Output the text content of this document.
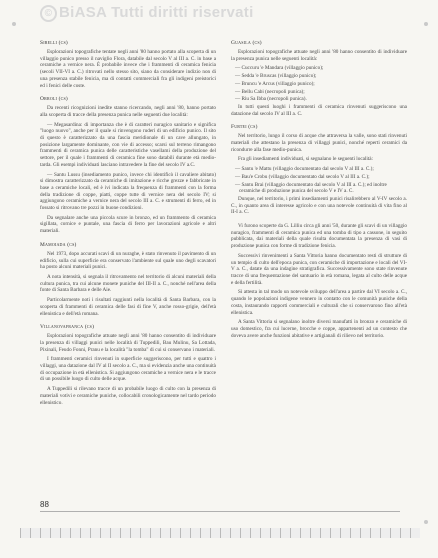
© BiASA Tutti diritti riservati
Sirelli (cs)

Esplorazioni topografiche tentate negli anni '80 hanno portato alla scoperta di un villaggio punico presso il naviglio Flora, databile dal secolo V al III a. C. in base a ceramiche a vernice nera. È probabile invece che i frammenti di ceramica fenicia (secoli VII-VI a. C.) ritrovati nello stesso sito, siano da considerare indizio non di una presenza stabile fenicia, ma di contatti commerciali fra gli indigeni preistorici ed i fenici delle coste.

Orroli (cs)

Da recenti ricognizioni inedite stanno ricercando, negli anni '80, hanno portato alla scoperta di tracce della presenza punica nelle seguenti due località:

— Megasardina: di importanza che è di caratteri nuragico sanitario e significa "luogo nuovo", anche per il quale si rinvengono ruderi di un edificio punico. Il sito di questo è caratterizzato da una fascia meridionale di un cave allungato, in posizione largamente dominante, con vie di accesso; scarsi sul terreno rimangono frammenti di ceramica punica delle caratteristiche vasellami della produzione del settore, per il quale i frammenti di ceramica fine sono databili durante età medio-tarda. Gli esempi individuati lasciano intravedere la fine del secolo IV a.C.

— Santu Lussu (insediamento punico, invece chi identificò il cavaliere abitato) si dimostra caratterizzato da ceramiche di imitazione e ricche grezze e fabbricate in base a ceramiche locali, ed è ivi indicata la frequenza di frammenti con la forma della tradizione di coppe, piatti, coppe tutte di vernice nera del secolo IV; si aggiungono ceramiche a vernice nera del secolo III a. C. e strumenti di ferro, ed in fossato si ritrovano tre pozzi in buone condizioni.

Da segnalare anche una piccola scure in bronzo, ed un frammento di ceramica sigillata, cornice e puntale, una fascia di ferro per lavorazioni agricole e altri materiali.

Mamoiada (cs)

Nel 1973, dopo accurati scavi di un nuraghe, è stato rinvenuto il pavimento di un edificio, sulla cui superficie era conservato l'ambiente sul quale uno degli scavatori ha posto alcuni materiali punici.

A nota intensità, si segnala il ritrovamento nel territorio di alcuni materiali della cultura punica, tra cui alcune monete puniche del III-II a. C., nonché nell'area della fonte di Santa Barbara e delle Aie.

Particolarmente noti i risultati raggiunti nella località di Santa Barbara, con la scoperta di frammenti di ceramica delle fasi di fine V, anche rosso-grigie, dell'età ellenistica e dell'età romana.

Villanovafranca (cs)

Esplorazioni topografiche attuate negli anni '80 hanno consentito di individuare la presenza di villaggi punici nelle località di Tuppedili, Bau Mulinu, Sa Lottada, Pixinali, Feudo Fonni, Pranu e la località "la tomba" di cui si conservano i materiali.

I frammenti ceramici rinvenuti in superficie suggeriscono, per tutti e quattro i villaggi, una datazione dal IV al II secolo a. C., ma si evidenzia anche una continuità di occupazione in età ellenistica. Si aggiungono ceramiche a vernice nera e le tracce di un possibile luogo di culto delle acque.

A Tuppedili si rilevano tracce di un probabile luogo di culto con la presenza di materiali votivi e ceramiche puniche, collocabili cronologicamente nel tardo periodo ellenistico.

Guasila (cs)

Esplorazioni topografiche attuate negli anni '80 hanno consentito di individuare la presenza punica nelle seguenti località:

— Cuccuru 'e Mandara (villaggio punico);

— Sedda 'e Bruscas (villaggio punico);

— Bruncu 'e Arcus (villaggio punico);

— Bellu Cabi (necropoli punica);

— Riu Sa Ibba (necropoli punica).

In tutti questi luoghi i frammenti di ceramica rinvenuti suggeriscono una datazione dal secolo IV al III a. C.

Furtei (cs)

Nel territorio, lungo il corso di acque che attraversa la valle, sono stati rinvenuti materiali che attestano la presenza di villaggi punici, nonché reperti ceramici da ricondurre alla fase medio-punica.

Fra gli insediamenti individuati, si segnalano le seguenti località:

— Santu 'e Mattu (villaggio documentato dal secolo V al III a. C.);

— Bau'e Crobu (villaggio documentato dal secolo V al III a. C.);

— Santu Brai (villaggio documentato dal secolo V al III a. C.); ed inoltre ceramiche di produzione punica del secolo V e IV a. C.

Dunque, nel territorio, i primi insediamenti punici risalirebbero al V-IV secolo a. C., in quanto area di interesse agricolo e con una notevole continuità di vita fino al II-I a. C.

Vi furono scoperte da G. Lilliu circa gli anni '50, durante gli scavi di un villaggio nuragico, frammenti di ceramica punica ed una tomba di tipo a cassone, in seguito pubblicata, dai materiali della quale risulta documentata la presenza di vasi di produzione punica con forme di tradizione fenicia.

Successivi rinvenimenti a Santa Vittoria hanno documentato resti di strutture di un tempio di culto dell'epoca punica, con ceramiche di importazione e locali del VI-V a. C., datate da una indagine stratigrafica. Successivamente sono state rinvenute tracce di una frequentazione del santuario in età romana, legata al culto delle acque e della fertilità.

Si attesta in tal modo un notevole sviluppo dell'area a partire dal VI secolo a. C., quando le popolazioni indigene vennero in contatto con le comunità puniche della costa, instaurando rapporti commerciali e culturali che si conservarono fino all'età ellenistica.

A Santa Vittoria si segnalano inoltre diversi manufatti in bronzo e ceramiche di uso domestico, fra cui lucerne, brocche e coppe, appartenenti ad un contesto che doveva avere anche funzioni abitative e artigianali di rilievo nel territorio.

88
